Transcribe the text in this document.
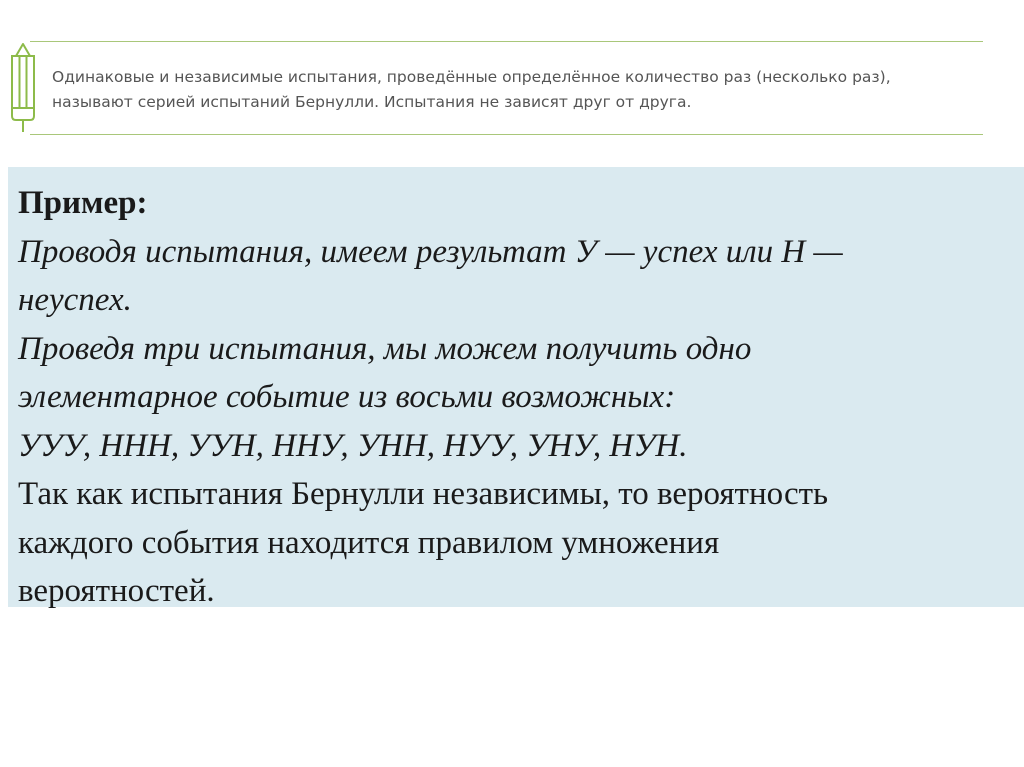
Одинаковые и независимые испытания, проведённые определённое количество раз (несколько раз),
называют серией испытаний Бернулли. Испытания не зависят друг от друга.

Пример:
Проводя испытания, имеем результат У — успех или Н —
неуспех.
Проведя три испытания, мы можем получить одно
элементарное событие из восьми возможных:
УУУ, ННН, УУН, ННУ, УНН, НУУ, УНУ, НУН.
Так как испытания Бернулли независимы, то вероятность
каждого события находится правилом умножения
вероятностей.
